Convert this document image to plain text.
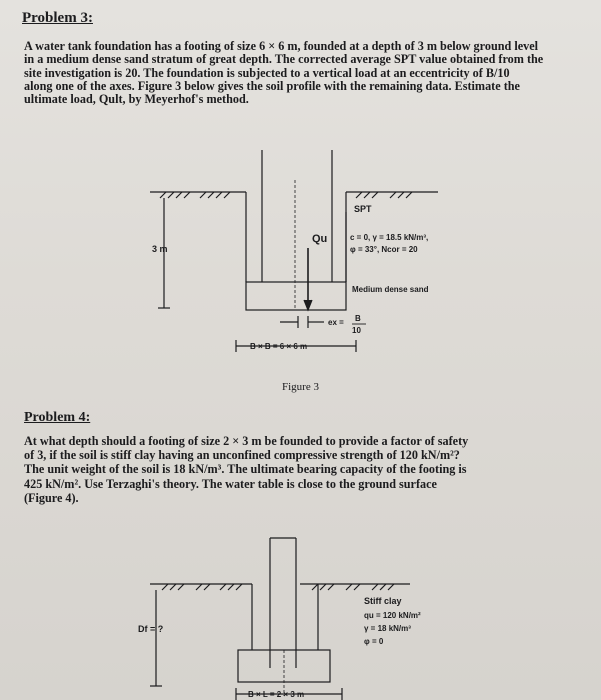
Problem 3:
A water tank foundation has a footing of size 6 × 6 m, founded at a depth of 3 m below ground level
in a medium dense sand stratum of great depth. The corrected average SPT value obtained from the
site investigation is 20. The foundation is subjected to a vertical load at an eccentricity of B/10
along one of the axes. Figure 3 below gives the soil profile with the remaining data. Estimate the
ultimate load, Qult, by Meyerhof's method.
3 m
Qu
SPT
c = 0, γ = 18.5 kN/m³,
φ = 33°, Ncor = 20
Medium dense sand
ex = B
10
B × B = 6 × 6 m
Figure 3
Problem 4:
At what depth should a footing of size 2 × 3 m be founded to provide a factor of safety
of 3, if the soil is stiff clay having an unconfined compressive strength of 120 kN/m²?
The unit weight of the soil is 18 kN/m³. The ultimate bearing capacity of the footing is
425 kN/m². Use Terzaghi's theory. The water table is close to the ground surface
(Figure 4).
Df = ?
Stiff clay
qu = 120 kN/m²
γ = 18 kN/m³
φ = 0
B × L = 2 × 3 m
